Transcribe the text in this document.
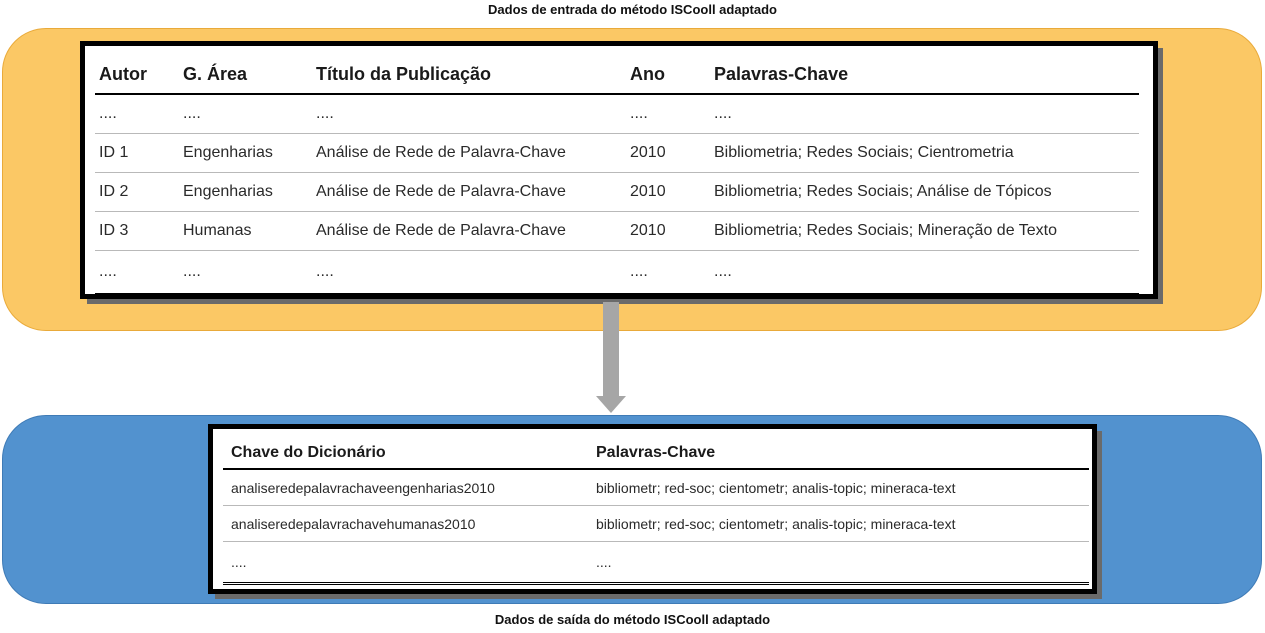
Dados de entrada do método ISCooll adaptado
Autor	G. Área	Título da Publicação	Ano	Palavras-Chave
....	....	....	....	....
ID 1	Engenharias	Análise de Rede de Palavra-Chave	2010	Bibliometria; Redes Sociais; Cientrometria
ID 2	Engenharias	Análise de Rede de Palavra-Chave	2010	Bibliometria; Redes Sociais; Análise de Tópicos
ID 3	Humanas	Análise de Rede de Palavra-Chave	2010	Bibliometria; Redes Sociais; Mineração de Texto
....	....	....	....	....
Chave do Dicionário	Palavras-Chave
analiseredepalavrachaveengenharias2010	bibliometr; red-soc; cientometr; analis-topic; mineraca-text
analiseredepalavrachavehumanas2010	bibliometr; red-soc; cientometr; analis-topic; mineraca-text
....	....
Dados de saída do método ISCooll adaptado
